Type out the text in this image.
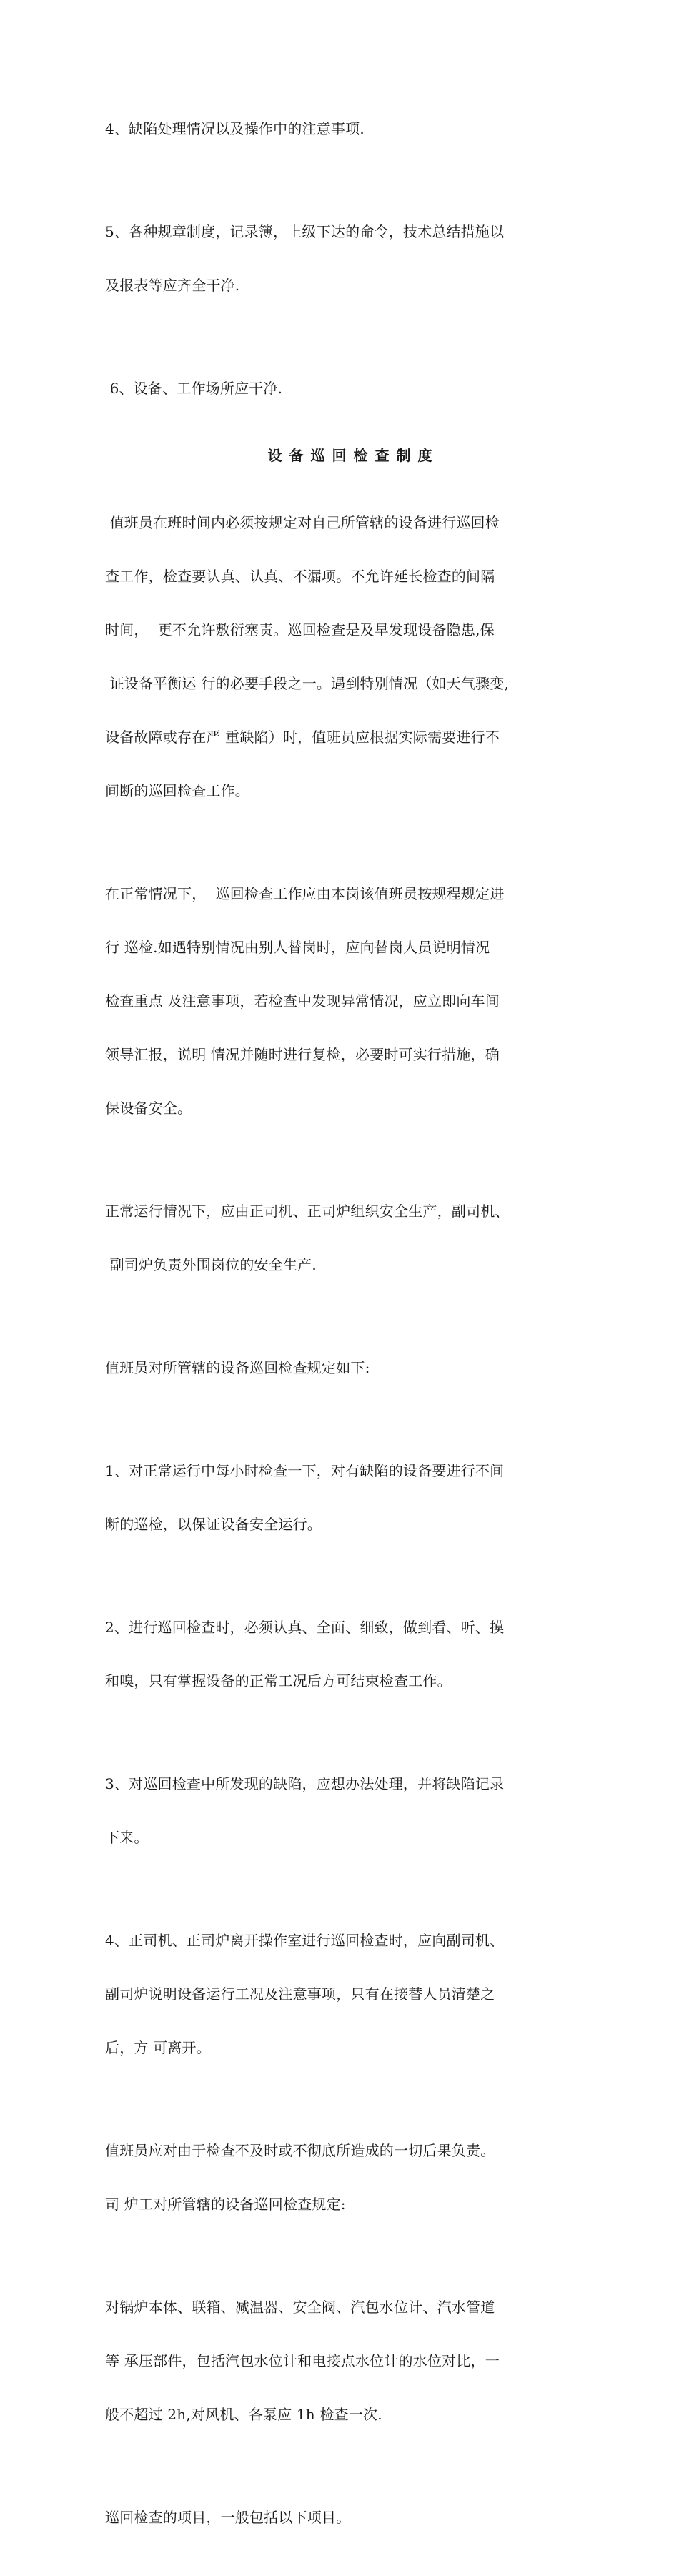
4、缺陷处理情况以及操作中的注意事项.

5、各种规章制度，记录簿，上级下达的命令，技术总结措施以

及报表等应齐全干净.

6、设备、工作场所应干净.

设备巡回检查制度

值班员在班时间内必须按规定对自己所管辖的设备进行巡回检

查工作，检查要认真、认真、不漏项。不允许延长检查的间隔

时间，  更不允许敷衍塞责。巡回检查是及早发现设备隐患,保

证设备平衡运 行的必要手段之一。遇到特别情况（如天气骤变,

设备故障或存在严 重缺陷）时，值班员应根据实际需要进行不

间断的巡回检查工作。

在正常情况下，  巡回检查工作应由本岗该值班员按规程规定进

行 巡检.如遇特别情况由别人替岗时，应向替岗人员说明情况

检查重点 及注意事项，若检查中发现异常情况，应立即向车间

领导汇报，说明 情况并随时进行复检，必要时可实行措施，确

保设备安全。

正常运行情况下，应由正司机、正司炉组织安全生产，副司机、

副司炉负责外围岗位的安全生产.

值班员对所管辖的设备巡回检查规定如下:

1、对正常运行中每小时检查一下，对有缺陷的设备要进行不间

断的巡检，以保证设备安全运行。

2、进行巡回检查时，必须认真、全面、细致，做到看、听、摸

和嗅，只有掌握设备的正常工况后方可结束检查工作。

3、对巡回检查中所发现的缺陷，应想办法处理，并将缺陷记录

下来。

4、正司机、正司炉离开操作室进行巡回检查时，应向副司机、

副司炉说明设备运行工况及注意事项，只有在接替人员清楚之

后，方 可离开。

值班员应对由于检查不及时或不彻底所造成的一切后果负责。

司 炉工对所管辖的设备巡回检查规定:

对锅炉本体、联箱、减温器、安全阀、汽包水位计、汽水管道

等 承压部件，包括汽包水位计和电接点水位计的水位对比，一

般不超过 2h,对风机、各泵应 1h 检查一次.

巡回检查的项目，一般包括以下项目。
